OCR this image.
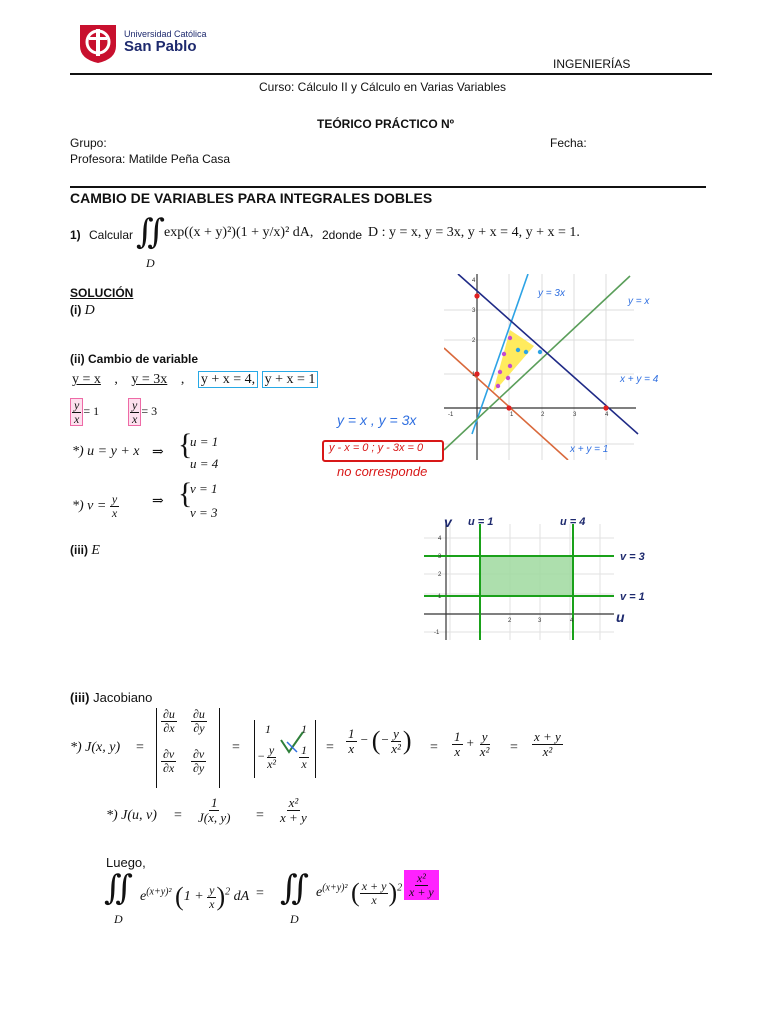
Universidad Católica
San Pablo
INGENIERÍAS
Curso: Cálculo II y Cálculo en Varias Variables
TEÓRICO PRÁCTICO Nº
Grupo:	Fecha:
Profesora: Matilde Peña Casa
CAMBIO DE VARIABLES PARA INTEGRALES DOBLES
1) Calcular ∬
D
exp((x + y)²)(1 + y/x)² dA, 2donde D : y = x, y = 3x, y + x = 4, y + x = 1.
SOLUCIÓN
(i) D
(ii) Cambio de variable
y = x , y = 3x , y + x = 4, y + x = 1
$\frac{y}{x} = 1 \frac{y}{x} = 3$
*) u = y + x ⇒ {
u = 1
u = 4
*) $v = \frac{y}{x}$ ⇒ {
v = 1
v = 3
(iii) E
y = x , y = 3x
y - x = 0 ; y - 3x = 0
no corresponde
-1	1	2	3	4
1
2
3
4
y = 3x
y = x
x + y = 4
x + y = 1
2	3	4
4
3
2
1
-1
u = 1	u = 4
v = 3
v = 1
v
u
(iii) Jacobiano
*) J(x, y) =
$\frac{\partial u}{\partial x} \frac{\partial u}{\partial y}$
$\frac{\partial v}{\partial x} \frac{\partial v}{\partial y}$
=
1	1
− $\frac{y}{\text{x²}} \frac{1}{x} = \frac{1}{x}$ − (− $\frac{y}{\text{x²}}$ ) = $\frac{1}{x} + \frac{y}{\text{x²}} = \frac{x + y}{\text{x²}}$
*) J(u, $v) = \frac{1}{J(x, y)} = \frac{\text{x²}}{x + y}$
Luego,
∬
D
$e^{(x+y)^2}$ $(1 + \frac{y}{x} )^2$ dA = ∬
D
$e^{(x+y)^2}$ ( $\frac{x + y}{x} )^2 \frac{\text{x²}}{x + y}$
